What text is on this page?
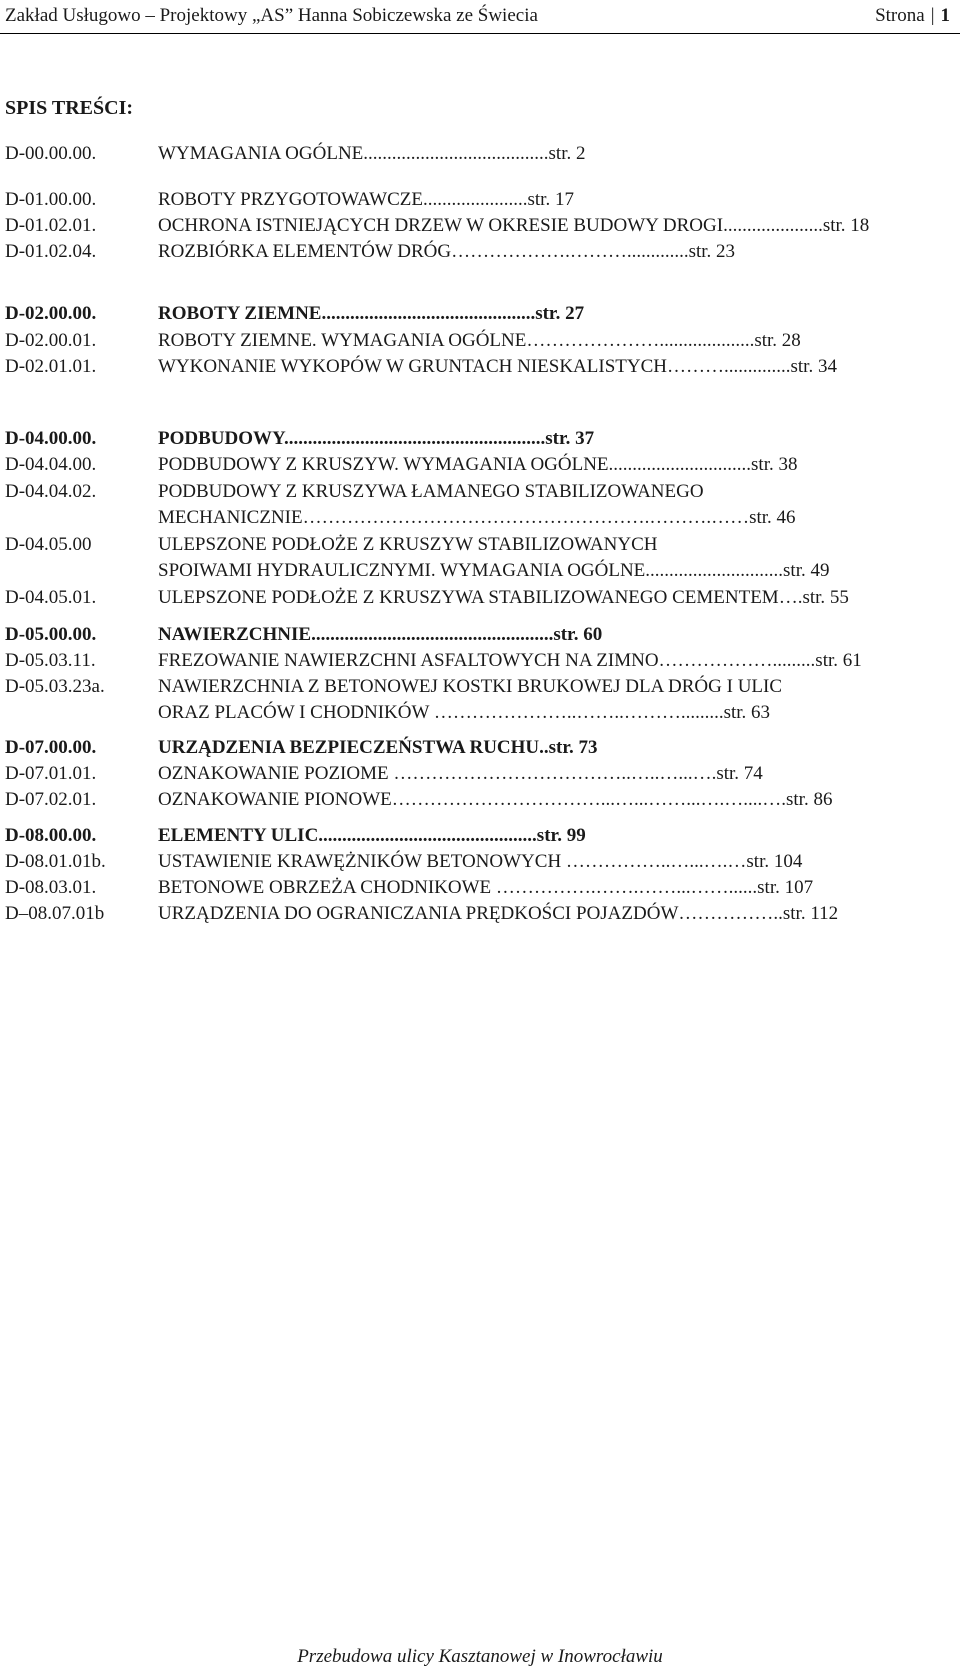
Zakład Usługowo – Projektowy „AS” Hanna Sobiczewska ze Świecia	Strona | 1
SPIS TREŚCI:
D-00.00.00.	WYMAGANIA OGÓLNE.......................................str. 2
D-01.00.00.	ROBOTY PRZYGOTOWAWCZE......................str. 17
D-01.02.01.	OCHRONA ISTNIEJĄCYCH DRZEW W OKRESIE BUDOWY DROGI.....................str. 18
D-01.02.04.	ROZBIÓRKA ELEMENTÓW DRÓG……………….……….............str. 23
D-02.00.00.	ROBOTY ZIEMNE.............................................str. 27
D-02.00.01.	ROBOTY ZIEMNE. WYMAGANIA OGÓLNE…………………....................str. 28
D-02.01.01.	WYKONANIE WYKOPÓW W GRUNTACH NIESKALISTYCH………..............str. 34
D-04.00.00.	PODBUDOWY.......................................................str. 37
D-04.04.00.	PODBUDOWY Z KRUSZYW. WYMAGANIA OGÓLNE..............................str. 38
D-04.04.02.	PODBUDOWY Z KRUSZYWA ŁAMANEGO STABILIZOWANEGO
MECHANICZNIE……………………………………………….……….……str. 46
D-04.05.00	ULEPSZONE PODŁOŻE Z KRUSZYW STABILIZOWANYCH
SPOIWAMI HYDRAULICZNYMI. WYMAGANIA OGÓLNE.............................str. 49
D-04.05.01.	ULEPSZONE PODŁOŻE Z KRUSZYWA STABILIZOWANEGO CEMENTEM….str. 55
D-05.00.00.	NAWIERZCHNIE...................................................str. 60
D-05.03.11.	FREZOWANIE NAWIERZCHNI ASFALTOWYCH NA ZIMNO……………….........str. 61
D-05.03.23a.	NAWIERZCHNIA Z BETONOWEJ KOSTKI BRUKOWEJ DLA DRÓG I ULIC
ORAZ PLACÓW I CHODNIKÓW …………………..……..……….........str. 63
D-07.00.00.	URZĄDZENIA BEZPIECZEŃSTWA RUCHU..str. 73
D-07.01.01.	OZNAKOWANIE POZIOME ………………………………..…..…...….str. 74
D-07.02.01.	OZNAKOWANIE PIONOWE……………………………...…...……...….…....….str. 86
D-08.00.00.	ELEMENTY ULIC..............................................str. 99
D-08.01.01b.	USTAWIENIE KRAWĘŻNIKÓW BETONOWYCH ……………..…...….…str. 104
D-08.03.01.	BETONOWE OBRZEŻA CHODNIKOWE …………….…….……...……......str. 107
D–08.07.01b	URZĄDZENIA DO OGRANICZANIA PRĘDKOŚCI POJAZDÓW……………..str. 112
Przebudowa ulicy Kasztanowej w Inowrocławiu
